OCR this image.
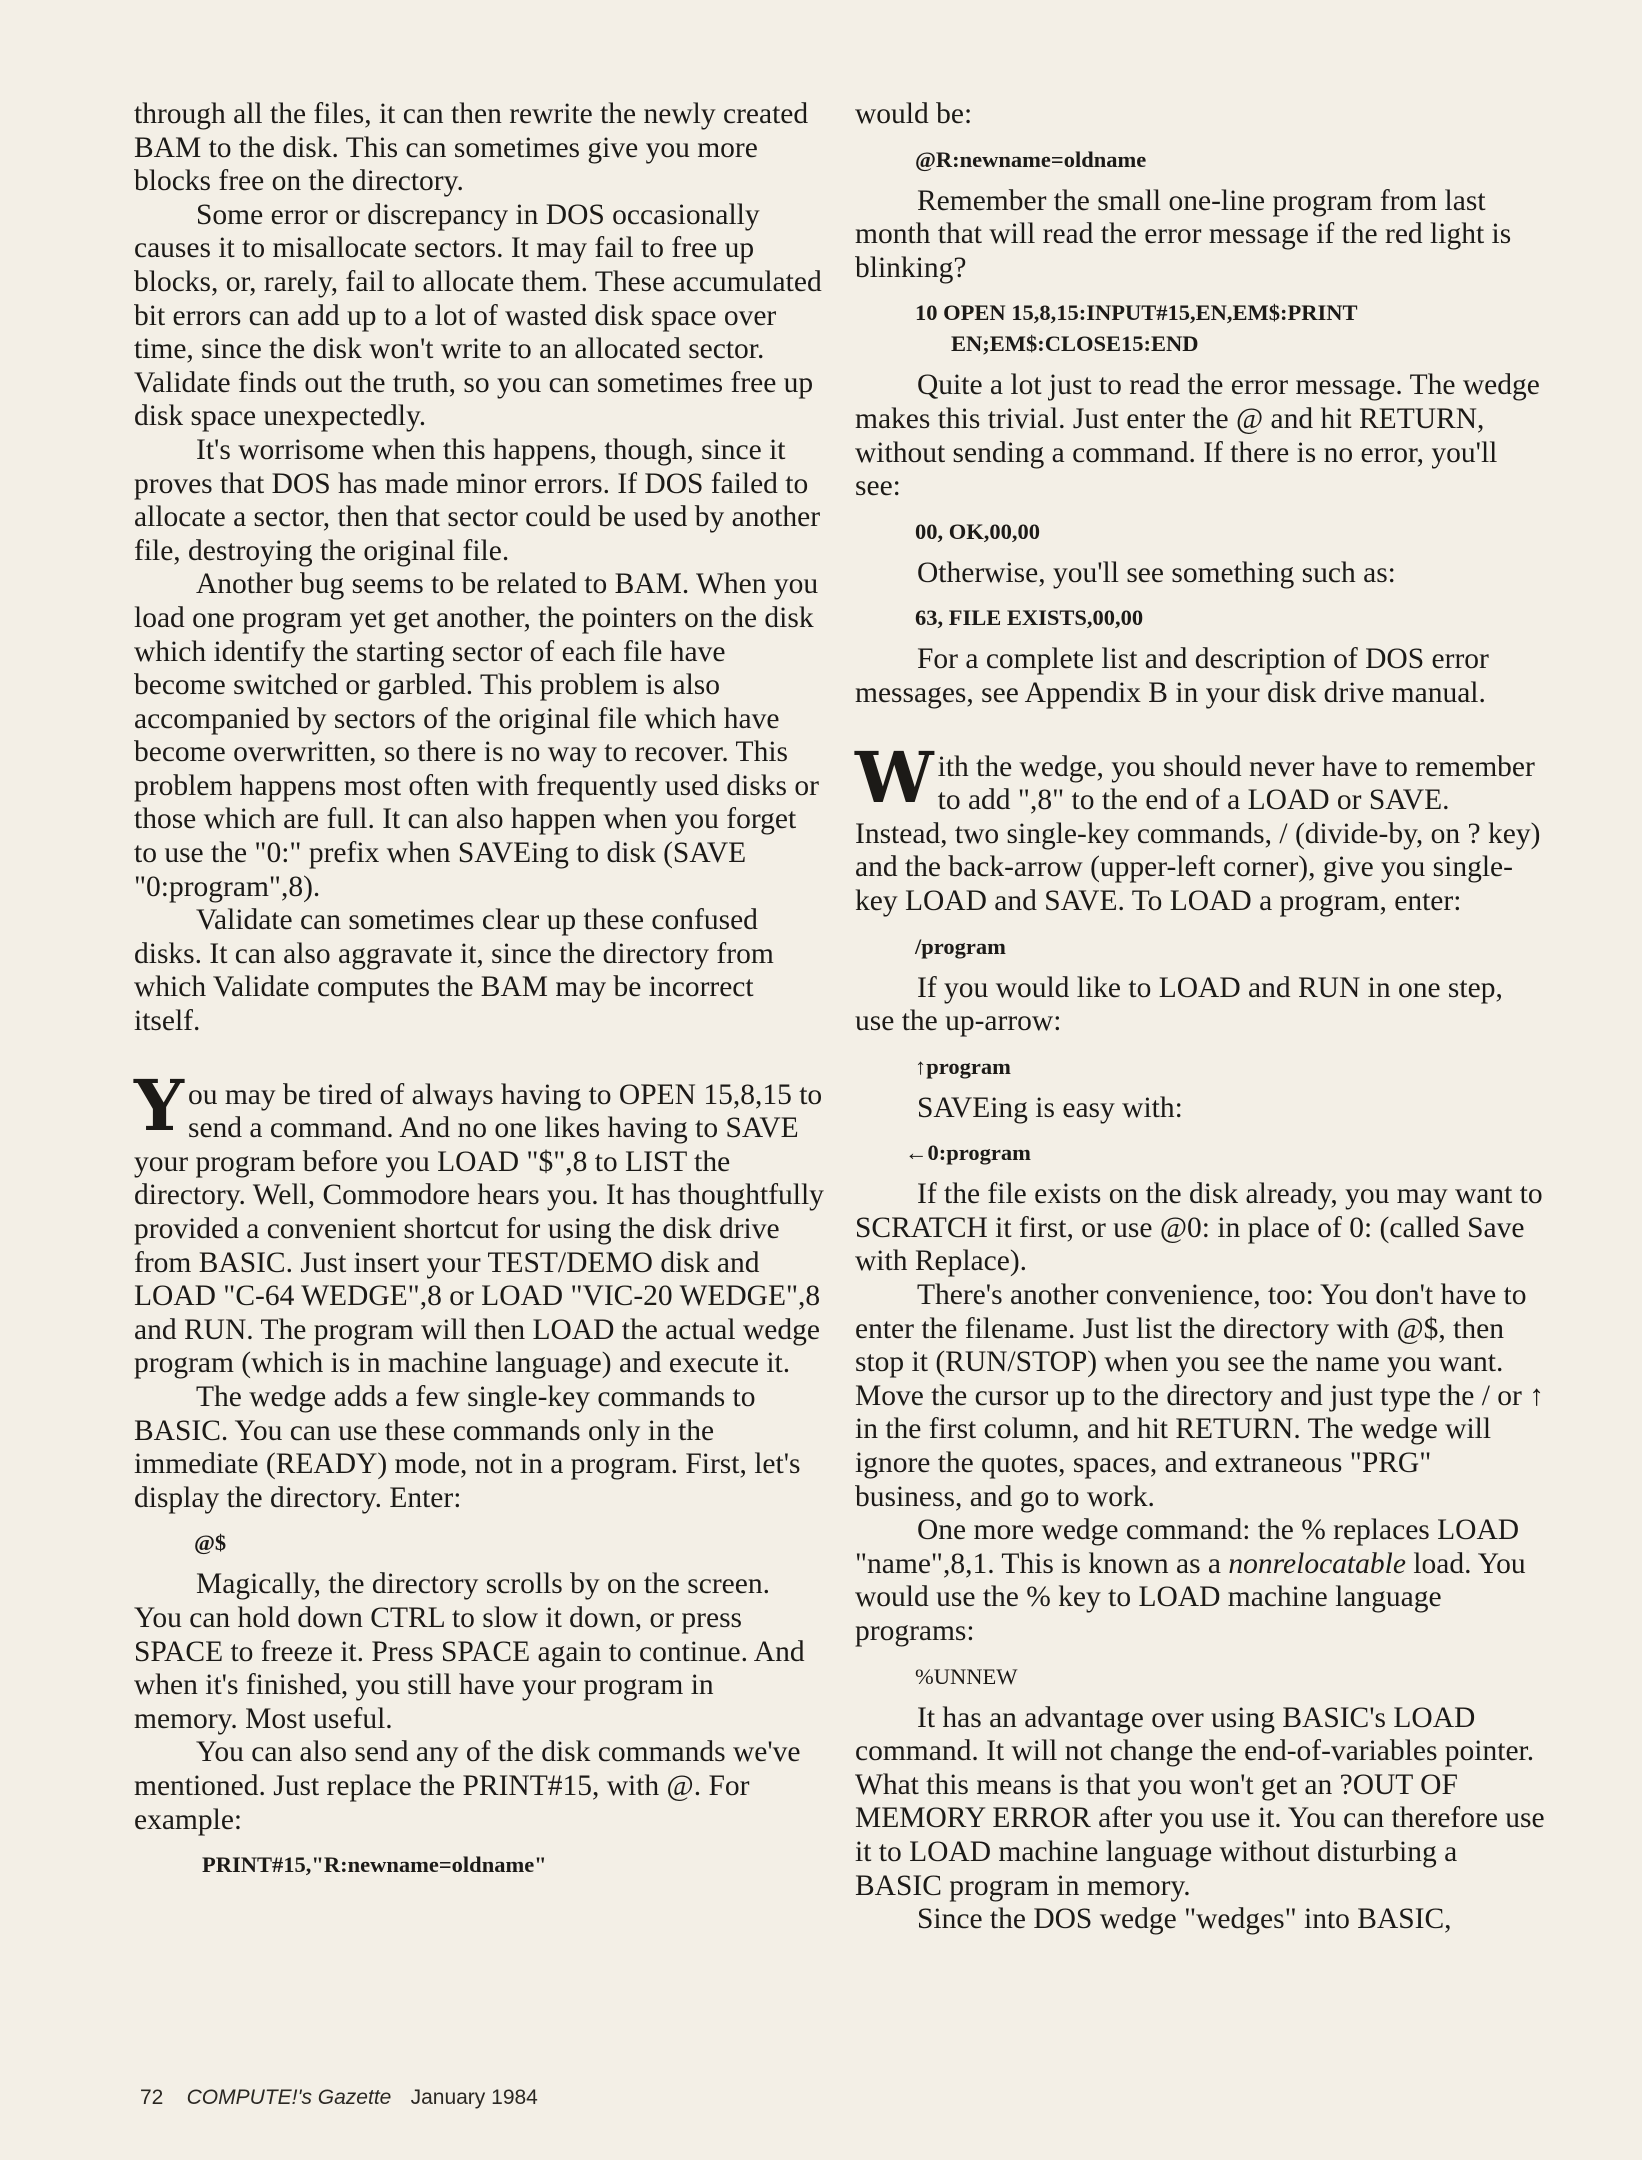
through all the files, it can then rewrite the newly created BAM to the disk. This can sometimes give you more blocks free on the directory.

Some error or discrepancy in DOS occasionally causes it to misallocate sectors. It may fail to free up blocks, or, rarely, fail to allocate them. These accumulated bit errors can add up to a lot of wasted disk space over time, since the disk won't write to an allocated sector. Validate finds out the truth, so you can sometimes free up disk space unexpectedly.

It's worrisome when this happens, though, since it proves that DOS has made minor errors. If DOS failed to allocate a sector, then that sector could be used by another file, destroying the original file.

Another bug seems to be related to BAM. When you load one program yet get another, the pointers on the disk which identify the starting sector of each file have become switched or garbled. This problem is also accompanied by sectors of the original file which have become overwritten, so there is no way to recover. This problem happens most often with frequently used disks or those which are full. It can also happen when you forget to use the "0:" prefix when SAVEing to disk (SAVE "0:program",8).

Validate can sometimes clear up these confused disks. It can also aggravate it, since the directory from which Validate computes the BAM may be incorrect itself.

You may be tired of always having to OPEN 15,8,15 to send a command. And no one likes having to SAVE your program before you LOAD "$",8 to LIST the directory. Well, Commodore hears you. It has thoughtfully provided a convenient shortcut for using the disk drive from BASIC. Just insert your TEST/DEMO disk and LOAD "C-64 WEDGE",8 or LOAD "VIC-20 WEDGE",8 and RUN. The program will then LOAD the actual wedge program (which is in machine language) and execute it.

The wedge adds a few single-key commands to BASIC. You can use these commands only in the immediate (READY) mode, not in a program. First, let's display the directory. Enter:

@$

Magically, the directory scrolls by on the screen. You can hold down CTRL to slow it down, or press SPACE to freeze it. Press SPACE again to continue. And when it's finished, you still have your program in memory. Most useful.

You can also send any of the disk commands we've mentioned. Just replace the PRINT#15, with @. For example:

PRINT#15,"R:newname=oldname"

would be:

@R:newname=oldname

Remember the small one-line program from last month that will read the error message if the red light is blinking?

10 OPEN 15,8,15:INPUT#15,EN,EM$:PRINT
EN;EM$:CLOSE15:END

Quite a lot just to read the error message. The wedge makes this trivial. Just enter the @ and hit RETURN, without sending a command. If there is no error, you'll see:

00, OK,00,00

Otherwise, you'll see something such as:

63, FILE EXISTS,00,00

For a complete list and description of DOS error messages, see Appendix B in your disk drive manual.

With the wedge, you should never have to remember to add ",8" to the end of a LOAD or SAVE. Instead, two single-key commands, / (divide-by, on ? key) and the back-arrow (upper-left corner), give you single-key LOAD and SAVE. To LOAD a program, enter:

/program

If you would like to LOAD and RUN in one step, use the up-arrow:

↑program

SAVEing is easy with:

←0:program

If the file exists on the disk already, you may want to SCRATCH it first, or use @0: in place of 0: (called Save with Replace).

There's another convenience, too: You don't have to enter the filename. Just list the directory with @$, then stop it (RUN/STOP) when you see the name you want. Move the cursor up to the directory and just type the / or ↑ in the first column, and hit RETURN. The wedge will ignore the quotes, spaces, and extraneous "PRG" business, and go to work.

One more wedge command: the % replaces LOAD "name",8,1. This is known as a nonrelocatable load. You would use the % key to LOAD machine language programs:

%UNNEW

It has an advantage over using BASIC's LOAD command. It will not change the end-of-variables pointer. What this means is that you won't get an ?OUT OF MEMORY ERROR after you use it. You can therefore use it to LOAD machine language without disturbing a BASIC program in memory.

Since the DOS wedge "wedges" into BASIC,

72 COMPUTE!'s Gazette January 1984
